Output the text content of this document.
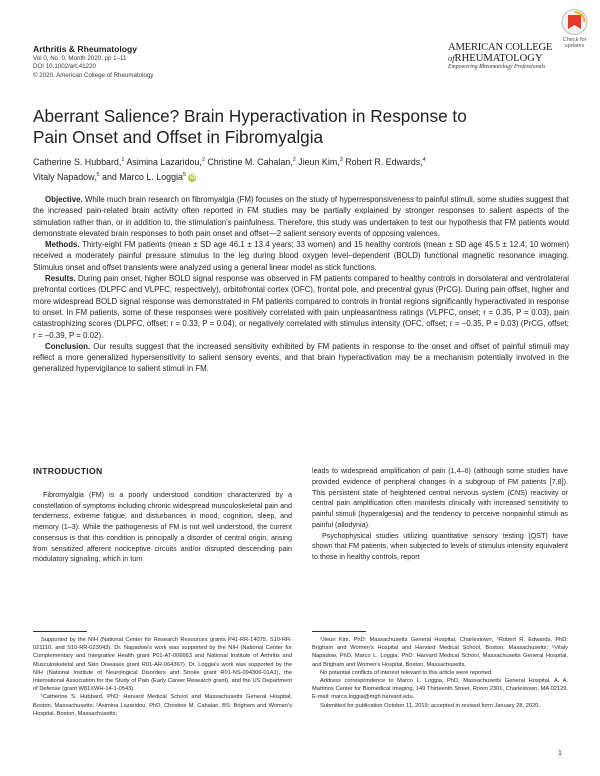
Arthritis & Rheumatology
Vol 0, No. 0, Month 2020, pp 1–11
DOI 10.1002/art.41220
© 2020, American College of Rheumatology
Check for
updates
AMERICAN COLLEGE
ofRHEUMATOLOGY
Empowering Rheumatology Professionals
Aberrant Salience? Brain Hyperactivation in Response to
Pain Onset and Offset in Fibromyalgia
Catherine S. Hubbard,$^1$ Asimina Lazaridou,$^2$ Christine M. Cahalan,$^2$ Jieun Kim,$^3$ Robert R. Edwards,$^4$
Vitaly Napadow,$^5$ and Marco L. Loggia$^5$ iD

Objective. While much brain research on fibromyalgia (FM) focuses on the study of hyperresponsiveness to painful stimuli, some studies suggest that the increased pain-related brain activity often reported in FM studies may be partially explained by stronger responses to salient aspects of the stimulation rather than, or in addition to, the stimulation's painfulness. Therefore, this study was undertaken to test our hypothesis that FM patients would demonstrate elevated brain responses to both pain onset and offset—2 salient sensory events of opposing valences.

Methods. Thirty-eight FM patients (mean ± SD age 46.1 ± 13.4 years; 33 women) and 15 healthy controls (mean ± SD age 45.5 ± 12.4; 10 women) received a moderately painful pressure stimulus to the leg during blood oxygen level–dependent (BOLD) functional magnetic resonance imaging. Stimulus onset and offset transients were analyzed using a general linear model as stick functions.

Results. During pain onset, higher BOLD signal response was observed in FM patients compared to healthy controls in dorsolateral and ventrolateral prefrontal cortices (DLPFC and VLPFC, respectively), orbitofrontal cortex (OFC), frontal pole, and precentral gyrus (PrCG). During pain offset, higher and more widespread BOLD signal response was demonstrated in FM patients compared to controls in frontal regions significantly hyperactivated in response to onset. In FM patients, some of these responses were positively correlated with pain unpleasantness ratings (VLPFC, onset; r = 0.35, P = 0.03), pain catastrophizing scores (DLPFC, offset; r = 0.33, P = 0.04), or negatively correlated with stimulus intensity (OFC, offset; r = −0.35, P = 0.03) (PrCG, offset; r = −0.39, P = 0.02).

Conclusion. Our results suggest that the increased sensitivity exhibited by FM patients in response to the onset and offset of painful stimuli may reflect a more generalized hypersensitivity to salient sensory events, and that brain hyperactivation may be a mechanism potentially involved in the generalized hypervigilance to salient stimuli in FM.

INTRODUCTION

Fibromyalgia (FM) is a poorly understood condition characterized by a constellation of symptoms including chronic widespread musculoskeletal pain and tenderness, extreme fatigue, and disturbances in mood, cognition, sleep, and memory (1–3). While the pathogenesis of FM is not well understood, the current consensus is that this condition is principally a disorder of central origin, arising from sensitized afferent nociceptive circuits and/or disrupted descending pain modulatory signaling, which in turn

leads to widespread amplification of pain (1,4–6) (although some studies have provided evidence of peripheral changes in a subgroup of FM patients [7,8]). This persistent state of heightened central nervous system (CNS) reactivity or central pain amplification often manifests clinically with increased sensitivity to painful stimuli (hyperalgesia) and the tendency to perceive nonpainful stimuli as painful (allodynia).

Psychophysical studies utilizing quantitative sensory testing (QST) have shown that FM patients, when subjected to levels of stimulus intensity equivalent to those in healthy controls, report

Supported by the NIH (National Center for Research Resources grants P41-RR-14075, S10-RR-021110, and S10-RR-023043). Dr. Napadow's work was supported by the NIH (National Center for Complementary and Integrative Health grant P01-AT-006663 and National Institute of Arthritis and Musculoskeletal and Skin Diseases grant R01-AR-064367). Dr. Loggia's work was supported by the NIH (National Institute of Neurological Disorders and Stroke grant R01-NS-094306-01A1), the International Association for the Study of Pain (Early Career Research grant), and the US Department of Defense (grant W81XWH-14-1-0543).

¹Catherine S. Hubbard, PhD: Harvard Medical School and Massachusetts General Hospital, Boston, Massachusetts; ²Asimina Lazaridou, PhD, Christine M. Cahalan, BS: Brigham and Women's Hospital, Boston, Massachusetts;

³Jieun Kim, PhD: Massachusetts General Hospital, Charlestown; ⁴Robert R. Edwards, PhD: Brigham and Women's Hospital and Harvard Medical School, Boston, Massachusetts; ⁵Vitaly Napadow, PhD, Marco L. Loggia, PhD: Harvard Medical School, Massachusetts General Hospital, and Brigham and Women's Hospital, Boston, Massachusetts.

No potential conflicts of interest relevant to this article were reported.

Address correspondence to Marco L. Loggia, PhD, Massachusetts General Hospital, A. A. Martinos Center for Biomedical Imaging, 149 Thirteenth Street, Room 2301, Charlestown, MA 02129. E-mail: marco.loggia@mgh.harvard.edu.

Submitted for publication October 11, 2019; accepted in revised form January 28, 2020.

1
